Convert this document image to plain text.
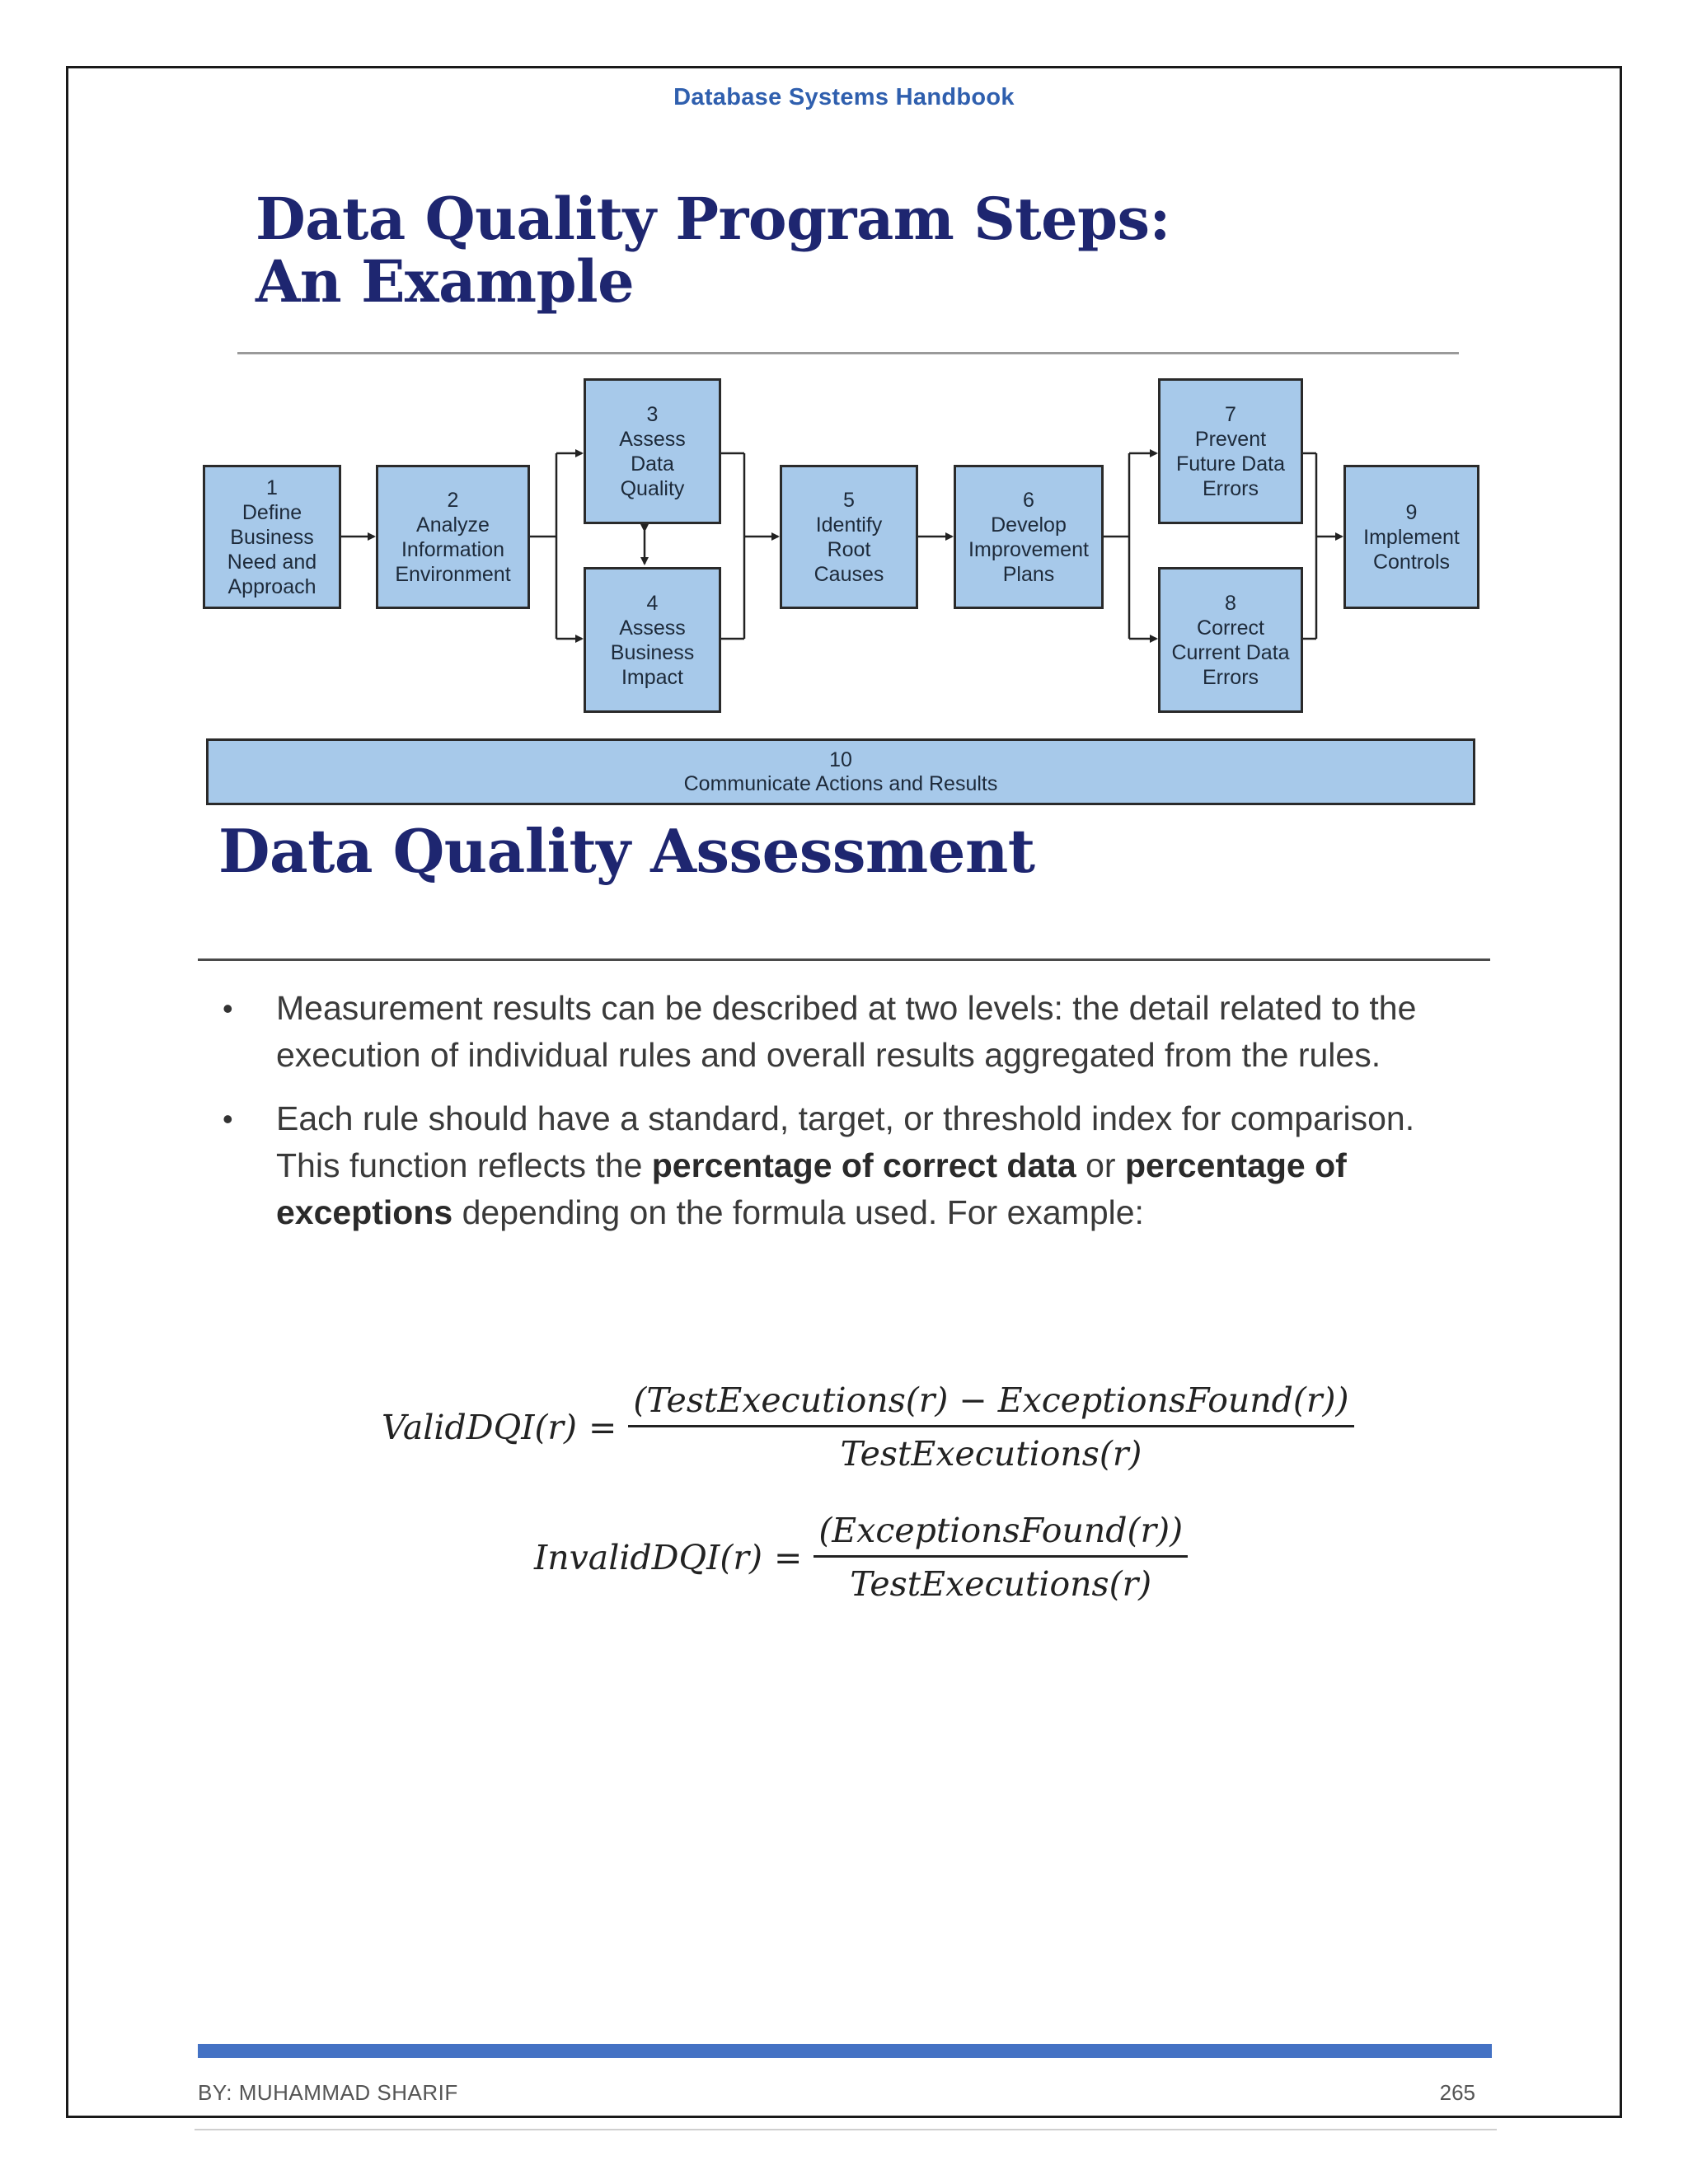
Database Systems Handbook
Data Quality Program Steps:
An Example
1
Define
Business
Need and
Approach
2
Analyze
Information
Environment
3
Assess
Data
Quality
4
Assess
Business
Impact
5
Identify
Root
Causes
6
Develop
Improvement
Plans
7
Prevent
Future Data
Errors
8
Correct
Current Data
Errors
9
Implement
Controls
10
Communicate Actions and Results
Data Quality Assessment
• Measurement results can be described at two levels: the detail related to the execution of individual rules and overall results aggregated from the rules.
• Each rule should have a standard, target, or threshold index for comparison. This function reflects the percentage of correct data or percentage of exceptions depending on the formula used. For example:
ValidDQI(r) = $\frac{\text{(TestExecutions(r) − ExceptionsFound(r))}}{\text{TestExecutions(r)}}$
InvalidDQI(r) = $\frac{\text{(ExceptionsFound(r))}}{\text{TestExecutions(r)}}$
BY: MUHAMMAD SHARIF	265
